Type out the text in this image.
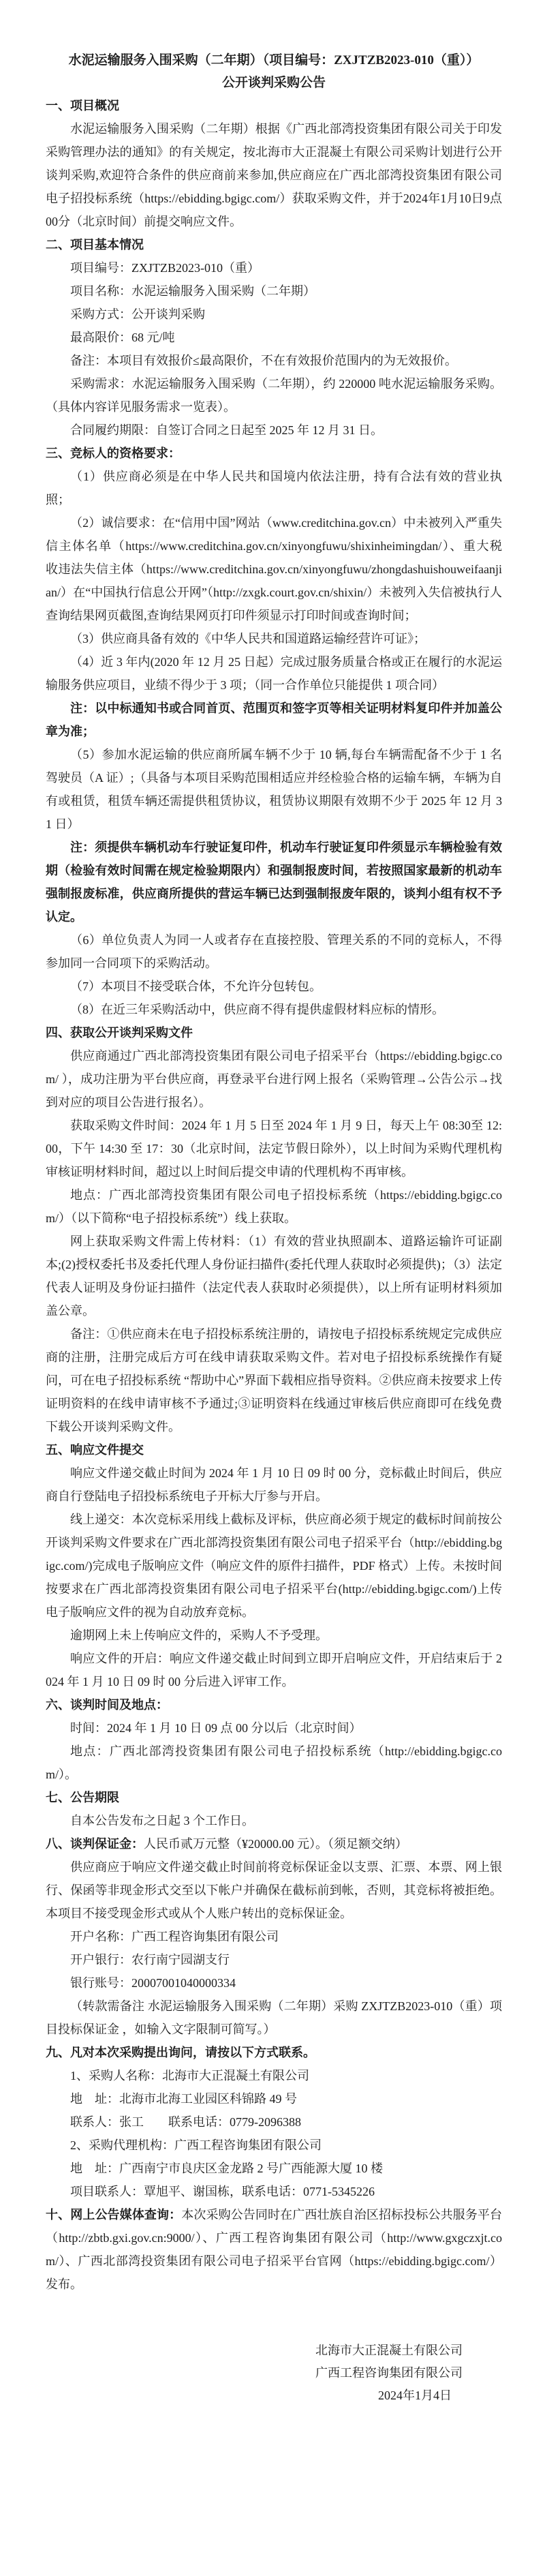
水泥运输服务入围采购（二年期）（项目编号：ZXJTZB2023-010（重））
公开谈判采购公告

一、项目概况

水泥运输服务入围采购（二年期）根据《广西北部湾投资集团有限公司关于印发采购管理办法的通知》的有关规定，按北海市大正混凝土有限公司采购计划进行公开谈判采购,欢迎符合条件的供应商前来参加,供应商应在广西北部湾投资集团有限公司电子招投标系统（https://ebidding.bgigc.com/）获取采购文件，并于2024年1月10日9点00分（北京时间）前提交响应文件。

二、项目基本情况

项目编号：ZXJTZB2023-010（重）

项目名称：水泥运输服务入围采购（二年期）

采购方式：公开谈判采购

最高限价：68 元/吨

备注：本项目有效报价≤最高限价，不在有效报价范围内的为无效报价。

采购需求：水泥运输服务入围采购（二年期），约 220000 吨水泥运输服务采购。（具体内容详见服务需求一览表）。

合同履约期限：自签订合同之日起至 2025 年 12 月 31 日。

三、竞标人的资格要求：

（1）供应商必须是在中华人民共和国境内依法注册，持有合法有效的营业执照；

（2）诚信要求：在“信用中国”网站（www.creditchina.gov.cn）中未被列入严重失信主体名单（https://www.creditchina.gov.cn/xinyongfuwu/shixinheimingdan/）、重大税收违法失信主体（https://www.creditchina.gov.cn/xinyongfuwu/zhongdashuishouweifaanjian/）在“中国执行信息公开网”（http://zxgk.court.gov.cn/shixin/）未被列入失信被执行人查询结果网页截图,查询结果网页打印件须显示打印时间或查询时间；

（3）供应商具备有效的《中华人民共和国道路运输经营许可证》；

（4）近 3 年内(2020 年 12 月 25 日起）完成过服务质量合格或正在履行的水泥运输服务供应项目，业绩不得少于 3 项；（同一合作单位只能提供 1 项合同）

注：以中标通知书或合同首页、范围页和签字页等相关证明材料复印件并加盖公章为准；

（5）参加水泥运输的供应商所属车辆不少于 10 辆,每台车辆需配备不少于 1 名驾驶员（A 证）;（具备与本项目采购范围相适应并经检验合格的运输车辆，车辆为自有或租赁，租赁车辆还需提供租赁协议，租赁协议期限有效期不少于 2025 年 12 月 31 日）

注：须提供车辆机动车行驶证复印件，机动车行驶证复印件须显示车辆检验有效期（检验有效时间需在规定检验期限内）和强制报废时间，若按照国家最新的机动车强制报废标准，供应商所提供的营运车辆已达到强制报废年限的，谈判小组有权不予认定。

（6）单位负责人为同一人或者存在直接控股、管理关系的不同的竞标人，不得参加同一合同项下的采购活动。

（7）本项目不接受联合体，不允许分包转包。

（8）在近三年采购活动中，供应商不得有提供虚假材料应标的情形。

四、获取公开谈判采购文件

供应商通过广西北部湾投资集团有限公司电子招采平台（https://ebidding.bgigc.com/ ），成功注册为平台供应商，再登录平台进行网上报名（采购管理→公告公示→找到对应的项目公告进行报名）。

获取采购文件时间：2024 年 1 月 5 日至 2024 年 1 月 9 日，每天上午 08:30至 12:00，下午 14:30 至 17：30（北京时间，法定节假日除外），以上时间为采购代理机构审核证明材料时间，超过以上时间后提交申请的代理机构不再审核。

地点：广西北部湾投资集团有限公司电子招投标系统（https://ebidding.bgigc.com/）（以下简称“电子招投标系统”）线上获取。

网上获取采购文件需上传材料：（1）有效的营业执照副本、道路运输许可证副本;(2)授权委托书及委托代理人身份证扫描件(委托代理人获取时必须提供)；（3）法定代表人证明及身份证扫描件（法定代表人获取时必须提供），以上所有证明材料须加盖公章。

备注：①供应商未在电子招投标系统注册的，请按电子招投标系统规定完成供应商的注册，注册完成后方可在线申请获取采购文件。若对电子招投标系统操作有疑问，可在电子招投标系统 “帮助中心”界面下载相应指导资料。②供应商未按要求上传证明资料的在线申请审核不予通过;③证明资料在线通过审核后供应商即可在线免费下载公开谈判采购文件。

五、响应文件提交

响应文件递交截止时间为 2024 年 1 月 10 日 09 时 00 分，竞标截止时间后，供应商自行登陆电子招投标系统电子开标大厅参与开启。

线上递交：本次竞标采用线上截标及评标，供应商必须于规定的截标时间前按公开谈判采购文件要求在广西北部湾投资集团有限公司电子招采平台（http://ebidding.bgigc.com/)完成电子版响应文件（响应文件的原件扫描件，PDF 格式）上传。未按时间按要求在广西北部湾投资集团有限公司电子招采平台(http://ebidding.bgigc.com/)上传电子版响应文件的视为自动放弃竞标。

逾期网上未上传响应文件的，采购人不予受理。

响应文件的开启：响应文件递交截止时间到立即开启响应文件，开启结束后于 2024 年 1 月 10 日 09 时 00 分后进入评审工作。

六、谈判时间及地点：

时间：2024 年 1 月 10 日 09 点 00 分以后（北京时间）

地点：广西北部湾投资集团有限公司电子招投标系统（http://ebidding.bgigc.com/）。

七、公告期限

自本公告发布之日起 3 个工作日。

八、谈判保证金：人民币贰万元整（¥20000.00 元）。（须足额交纳）

供应商应于响应文件递交截止时间前将竞标保证金以支票、汇票、本票、网上银行、保函等非现金形式交至以下帐户并确保在截标前到帐，否则，其竞标将被拒绝。本项目不接受现金形式或从个人账户转出的竞标保证金。

开户名称：广西工程咨询集团有限公司

开户银行：农行南宁园湖支行

银行账号：20007001040000334

（转款需备注 水泥运输服务入围采购（二年期）采购 ZXJTZB2023-010（重）项目投标保证金 ，如输入文字限制可简写。）

九、凡对本次采购提出询问，请按以下方式联系。

1、采购人名称：北海市大正混凝土有限公司

地　址：北海市北海工业园区科锦路 49 号

联系人：张工　　联系电话：0779-2096388

2、采购代理机构：广西工程咨询集团有限公司

地　址：广西南宁市良庆区金龙路 2 号广西能源大厦 10 楼

项目联系人：覃旭平、谢国栋，联系电话：0771-5345226

十、网上公告媒体查询：本次采购公告同时在广西壮族自治区招标投标公共服务平台（http://zbtb.gxi.gov.cn:9000/）、广西工程咨询集团有限公司（http://www.gxgczxjt.com/）、广西北部湾投资集团有限公司电子招采平台官网（https://ebidding.bgigc.com/）发布。

北海市大正混凝土有限公司
广西工程咨询集团有限公司
2024年1月4日
